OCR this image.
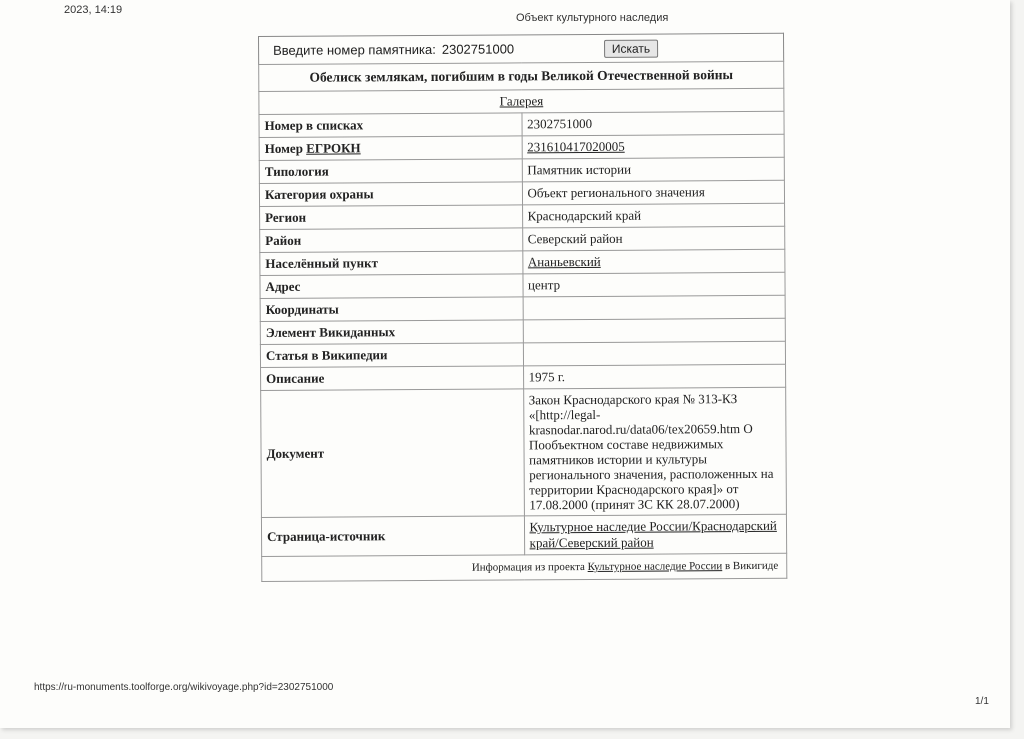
2023, 14:19
Объект культурного наследия
Введите номер памятника: 2302751000	Искать
Обелиск землякам, погибшим в годы Великой Отечественной войны	
Галерея	
Номер в списках	2302751000
Номер ЕГРОКН	231610417020005
Типология	Памятник истории
Категория охраны	Объект регионального значения
Регион	Краснодарский край
Район	Северский район
Населённый пункт	Ананьевский
Адрес	центр
Координаты	
Элемент Викиданных	
Статья в Википедии	
Описание	1975 г.
Документ	Закон Краснодарского края № 313-КЗ «[http://legal-krasnodar.narod.ru/data06/tex20659.htm О Пообъектном составе недвижимых памятников истории и культуры регионального значения, расположенных на территории Краснодарского края]» от 17.08.2000 (принят ЗС КК 28.07.2000)
Страница-источник	Культурное наследие России/Краснодарский край/Северский район
Информация из проекта Культурное наследие России в Викигиде	
https://ru-monuments.toolforge.org/wikivoyage.php?id=2302751000
1/1
